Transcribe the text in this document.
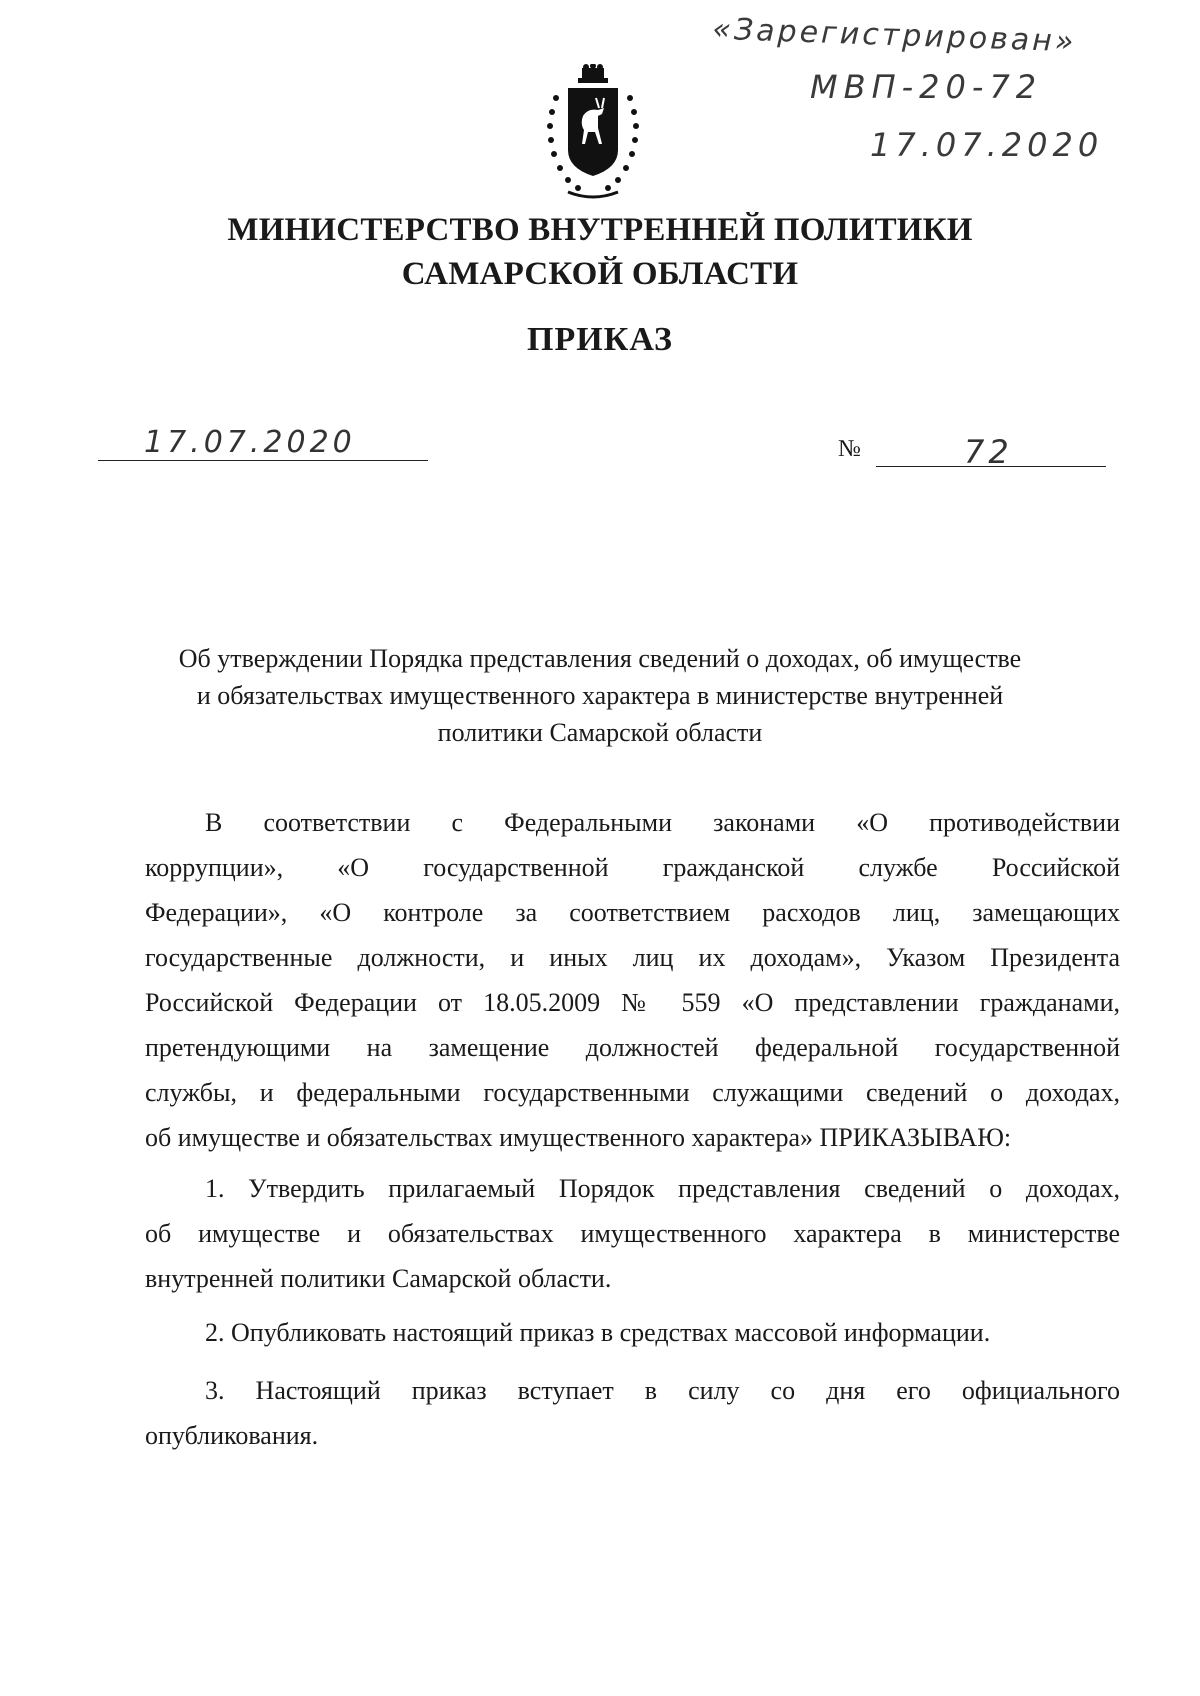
«Зарегистрирован»
МВП-20-72
17.07.2020
МИНИСТЕРСТВО ВНУТРЕННЕЙ ПОЛИТИКИ
САМАРСКОЙ ОБЛАСТИ
ПРИКАЗ
17.07.2020	№	72
Об утверждении Порядка представления сведений о доходах, об имуществе
и обязательствах имущественного характера в министерстве внутренней
политики Самарской области
В соответствии с Федеральными законами «О противодействии
коррупции», «О государственной гражданской службе Российской
Федерации», «О контроле за соответствием расходов лиц, замещающих
государственные должности, и иных лиц их доходам», Указом Президента
Российской Федерации от 18.05.2009 № 559 «О представлении гражданами,
претендующими на замещение должностей федеральной государственной
службы, и федеральными государственными служащими сведений о доходах,
об имуществе и обязательствах имущественного характера» ПРИКАЗЫВАЮ:
1. Утвердить прилагаемый Порядок представления сведений о доходах,
об имуществе и обязательствах имущественного характера в министерстве
внутренней политики Самарской области.
2. Опубликовать настоящий приказ в средствах массовой информации.
3. Настоящий приказ вступает в силу со дня его официального
опубликования.
